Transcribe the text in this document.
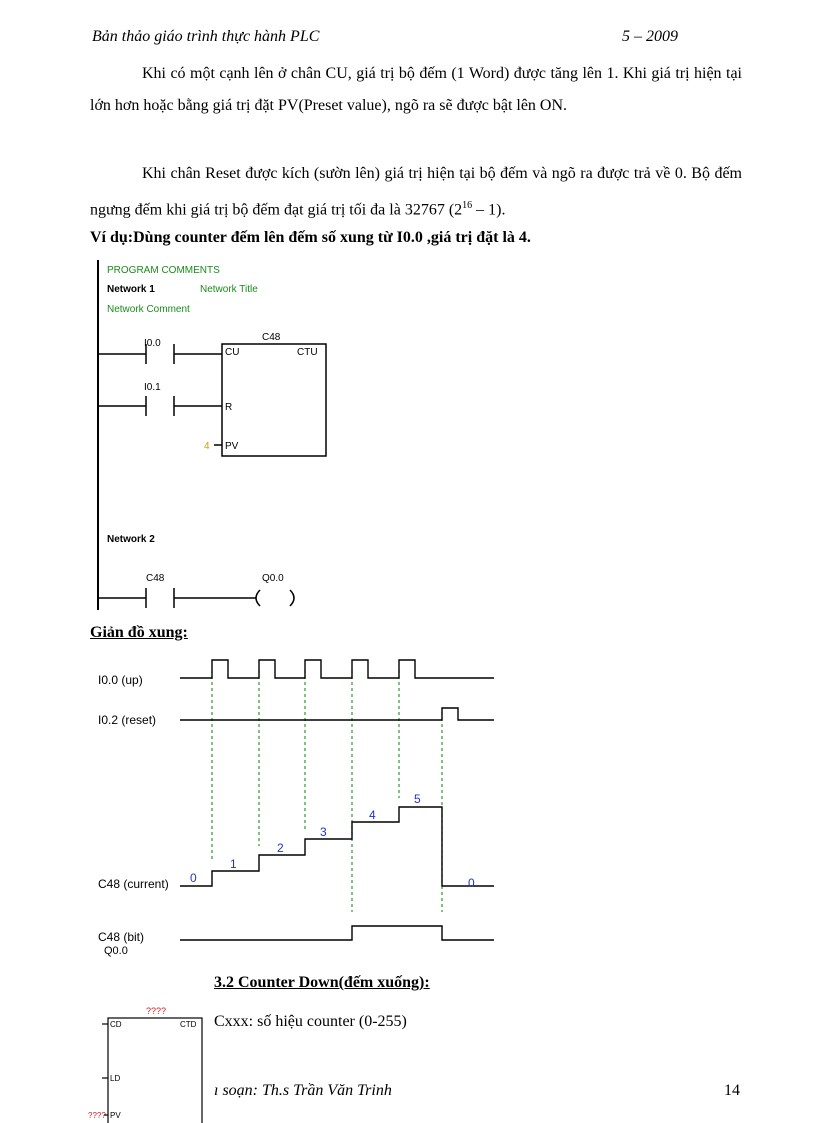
Bản thảo giáo trình thực hành PLC	5 – 2009
Khi có một cạnh lên ở chân CU, giá trị bộ đếm (1 Word) được tăng lên 1. Khi giá trị hiện tại lớn hơn hoặc bằng giá trị đặt PV(Preset value), ngõ ra sẽ được bật lên ON.
Khi chân Reset được kích (sườn lên) giá trị hiện tại bộ đếm và ngõ ra được trả về 0. Bộ đếm ngưng đếm khi giá trị bộ đếm đạt giá trị tối đa là 32767 $(2^{16} - 1)$.
Ví dụ:Dùng counter đếm lên đếm số xung từ I0.0 ,giá trị đặt là 4.
PROGRAM COMMENTS
Network 1	Network Title
Network Comment
I0.0
C48
CU	CTU
I0.1
R
4 PV
Network 2
C48	Q0.0
Giản đồ xung:
I0.0 (up)
I0.2 (reset)
C48 (current)
C48 (bit)
Q0.0
0
1
2
3
4
5
0
3.2 Counter Down(đếm xuống):
Cxxx: số hiệu counter (0-255)
????
CD	CTD
LD
???? PV
ı soạn: Th.s Trần Văn Trinh	14
